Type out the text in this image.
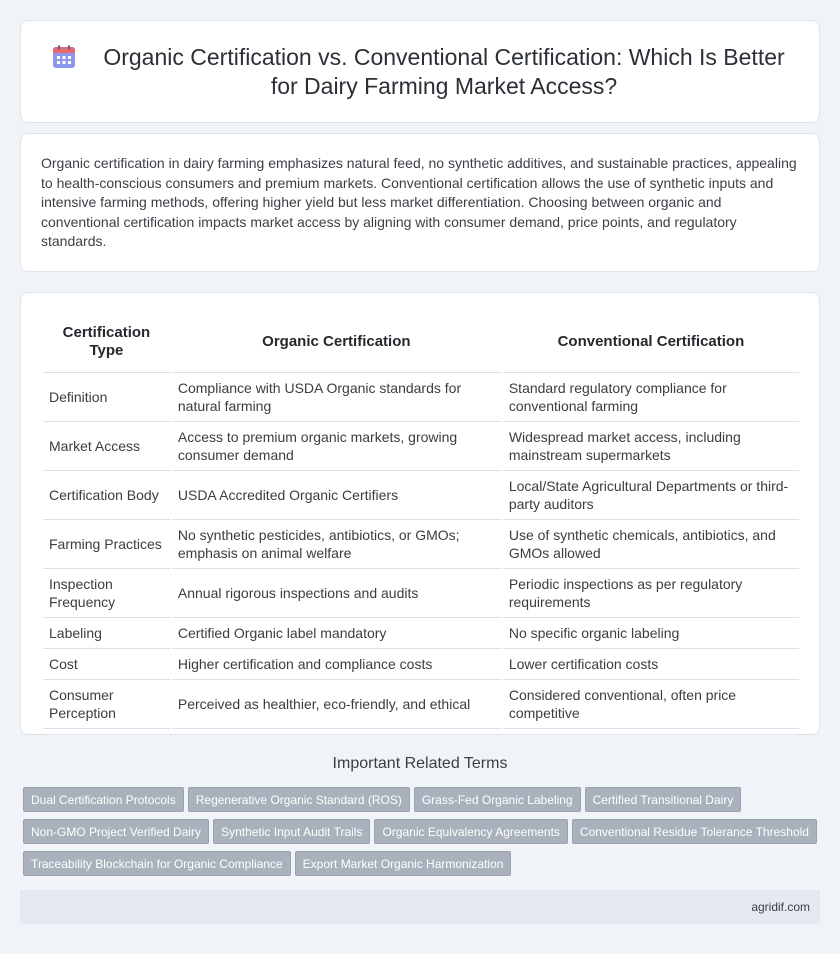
Organic Certification vs. Conventional Certification: Which Is Better for Dairy Farming Market Access?

Organic certification in dairy farming emphasizes natural feed, no synthetic additives, and sustainable practices, appealing to health-conscious consumers and premium markets. Conventional certification allows the use of synthetic inputs and intensive farming methods, offering higher yield but less market differentiation. Choosing between organic and conventional certification impacts market access by aligning with consumer demand, price points, and regulatory standards.

Certification Type	Organic Certification	Conventional Certification
Definition	Compliance with USDA Organic standards for natural farming	Standard regulatory compliance for conventional farming
Market Access	Access to premium organic markets, growing consumer demand	Widespread market access, including mainstream supermarkets
Certification Body	USDA Accredited Organic Certifiers	Local/State Agricultural Departments or third-party auditors
Farming Practices	No synthetic pesticides, antibiotics, or GMOs; emphasis on animal welfare	Use of synthetic chemicals, antibiotics, and GMOs allowed
Inspection Frequency	Annual rigorous inspections and audits	Periodic inspections as per regulatory requirements
Labeling	Certified Organic label mandatory	No specific organic labeling
Cost	Higher certification and compliance costs	Lower certification costs
Consumer Perception	Perceived as healthier, eco-friendly, and ethical	Considered conventional, often price competitive
Important Related Terms
Dual Certification Protocols Regenerative Organic Standard (ROS) Grass-Fed Organic Labeling Certified Transitional Dairy
Non-GMO Project Verified Dairy Synthetic Input Audit Trails Organic Equivalency Agreements Conventional Residue Tolerance Threshold
Traceability Blockchain for Organic Compliance Export Market Organic Harmonization
agridif.com
